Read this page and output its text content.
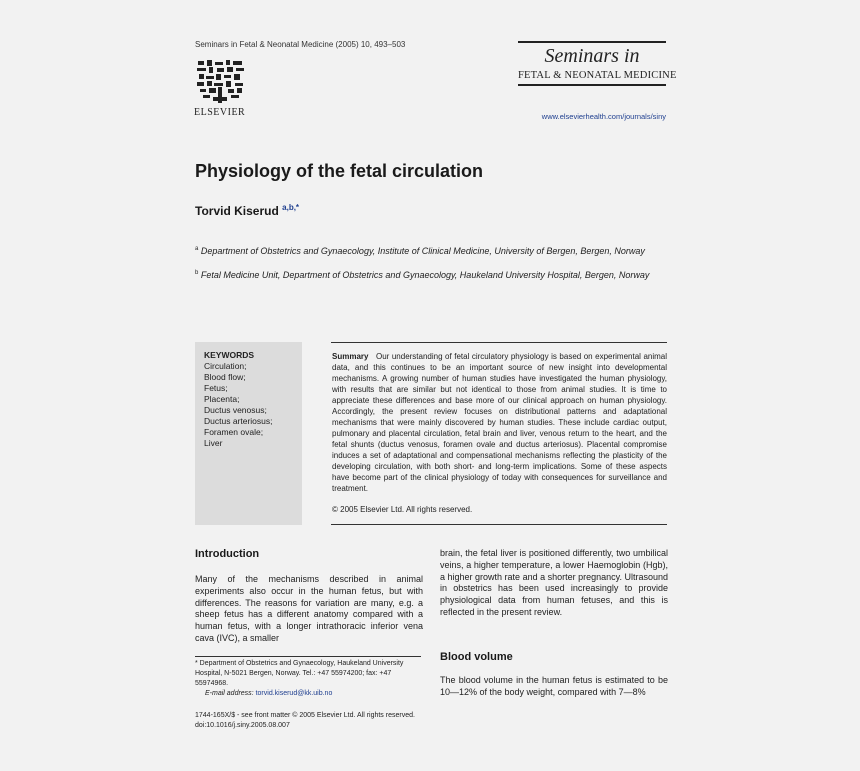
Seminars in Fetal & Neonatal Medicine (2005) 10, 493–503
ELSEVIER
Seminars in
FETAL & NEONATAL MEDICINE
www.elsevierhealth.com/journals/siny
Physiology of the fetal circulation
Torvid Kiserud $^{a,b,*}$
$^a$ Department of Obstetrics and Gynaecology, Institute of Clinical Medicine, University of Bergen, Bergen, Norway
$^b$ Fetal Medicine Unit, Department of Obstetrics and Gynaecology, Haukeland University Hospital, Bergen, Norway
KEYWORDS
Circulation;
Blood flow;
Fetus;
Placenta;
Ductus venosus;
Ductus arteriosus;
Foramen ovale;
Liver
Summary Our understanding of fetal circulatory physiology is based on experimental animal data, and this continues to be an important source of new insight into developmental mechanisms. A growing number of human studies have investigated the human physiology, with results that are similar but not identical to those from animal studies. It is time to appreciate these differences and base more of our clinical approach on human physiology. Accordingly, the present review focuses on distributional patterns and adaptational mechanisms that were mainly discovered by human studies. These include cardiac output, pulmonary and placental circulation, fetal brain and liver, venous return to the heart, and the fetal shunts (ductus venosus, foramen ovale and ductus arteriosus). Placental compromise induces a set of adaptational and compensational mechanisms reflecting the plasticity of the developing circulation, with both short- and long-term implications. Some of these aspects have become part of the clinical physiology of today with consequences for surveillance and treatment.
© 2005 Elsevier Ltd. All rights reserved.
Introduction
Many of the mechanisms described in animal experiments also occur in the human fetus, but with differences. The reasons for variation are many, e.g. a sheep fetus has a different anatomy compared with a human fetus, with a longer intrathoracic inferior vena cava (IVC), a smaller
brain, the fetal liver is positioned differently, two umbilical veins, a higher temperature, a lower Haemoglobin (Hgb), a higher growth rate and a shorter pregnancy. Ultrasound in obstetrics has been used increasingly to provide physiological data from human fetuses, and this is reflected in the present review.
Blood volume
The blood volume in the human fetus is estimated to be 10—12% of the body weight, compared with 7—8%
* Department of Obstetrics and Gynaecology, Haukeland University Hospital, N-5021 Bergen, Norway. Tel.: +47 55974200; fax: +47 55974968.
E-mail address: torvid.kiserud@kk.uib.no
1744-165X/$ - see front matter © 2005 Elsevier Ltd. All rights reserved.
doi:10.1016/j.siny.2005.08.007
